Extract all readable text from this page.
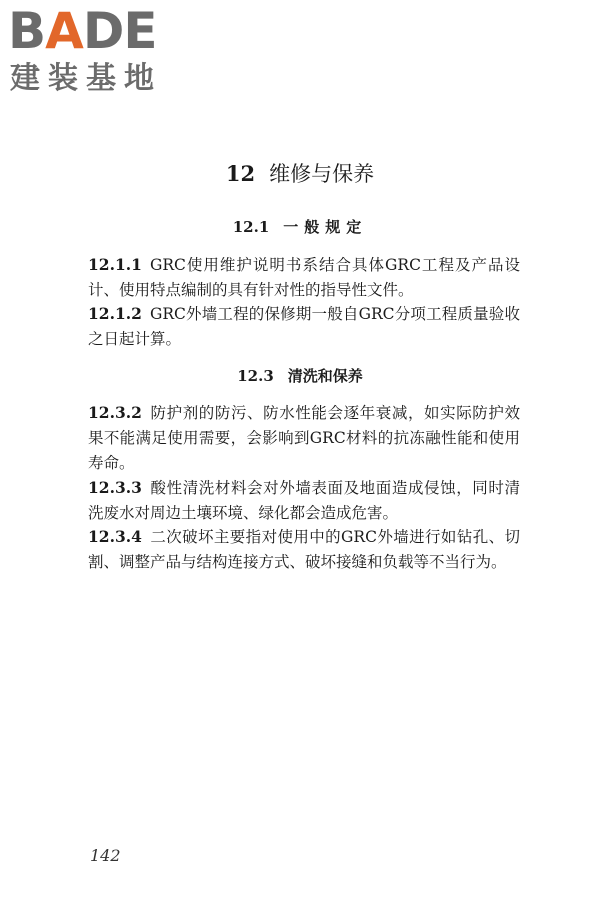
BADE
建装基地
12 维修与保养
12.1 一般规定

12.1.1 GRC使用维护说明书系结合具体GRC工程及产品设计、使用特点编制的具有针对性的指导性文件。

12.1.2 GRC外墙工程的保修期一般自GRC分项工程质量验收之日起计算。

12.3 清洗和保养

12.3.2 防护剂的防污、防水性能会逐年衰减，如实际防护效果不能满足使用需要，会影响到GRC材料的抗冻融性能和使用寿命。

12.3.3 酸性清洗材料会对外墙表面及地面造成侵蚀，同时清洗废水对周边土壤环境、绿化都会造成危害。

12.3.4 二次破坏主要指对使用中的GRC外墙进行如钻孔、切割、调整产品与结构连接方式、破坏接缝和负载等不当行为。

142
